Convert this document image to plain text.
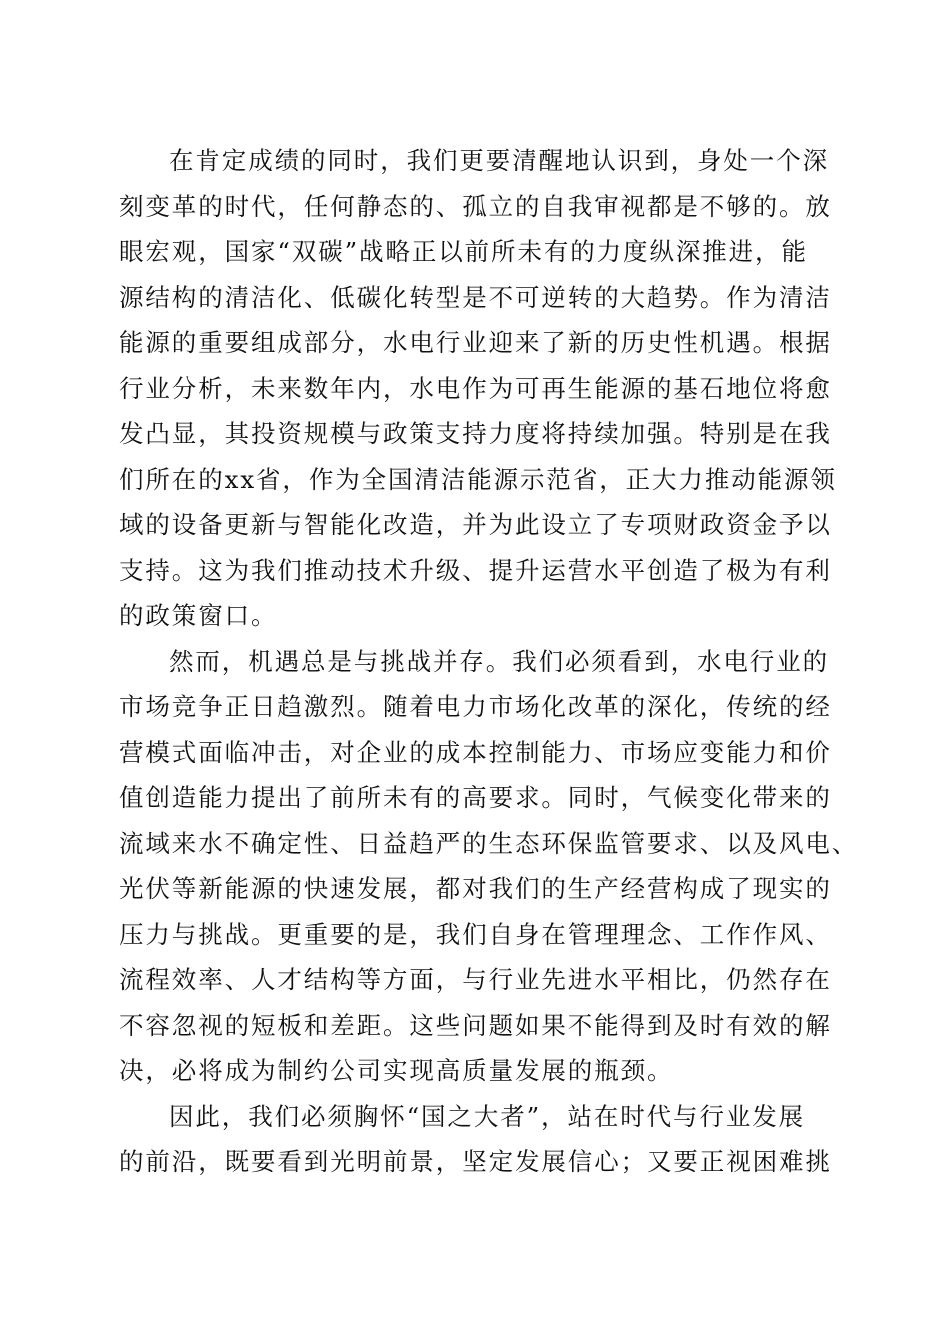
在肯定成绩的同时，我们更要清醒地认识到，身处一个深
刻变革的时代，任何静态的、孤立的自我审视都是不够的。放
眼宏观，国家“双碳”战略正以前所未有的力度纵深推进，能
源结构的清洁化、低碳化转型是不可逆转的大趋势。作为清洁
能源的重要组成部分，水电行业迎来了新的历史性机遇。根据
行业分析，未来数年内，水电作为可再生能源的基石地位将愈
发凸显，其投资规模与政策支持力度将持续加强。特别是在我
们所在的xx省，作为全国清洁能源示范省，正大力推动能源领
域的设备更新与智能化改造，并为此设立了专项财政资金予以
支持。这为我们推动技术升级、提升运营水平创造了极为有利
的政策窗口。
然而，机遇总是与挑战并存。我们必须看到，水电行业的
市场竞争正日趋激烈。随着电力市场化改革的深化，传统的经
营模式面临冲击，对企业的成本控制能力、市场应变能力和价
值创造能力提出了前所未有的高要求。同时，气候变化带来的
流域来水不确定性、日益趋严的生态环保监管要求、以及风电、
光伏等新能源的快速发展，都对我们的生产经营构成了现实的
压力与挑战。更重要的是，我们自身在管理理念、工作作风、
流程效率、人才结构等方面，与行业先进水平相比，仍然存在
不容忽视的短板和差距。这些问题如果不能得到及时有效的解
决，必将成为制约公司实现高质量发展的瓶颈。
因此，我们必须胸怀“国之大者”，站在时代与行业发展
的前沿，既要看到光明前景，坚定发展信心；又要正视困难挑
